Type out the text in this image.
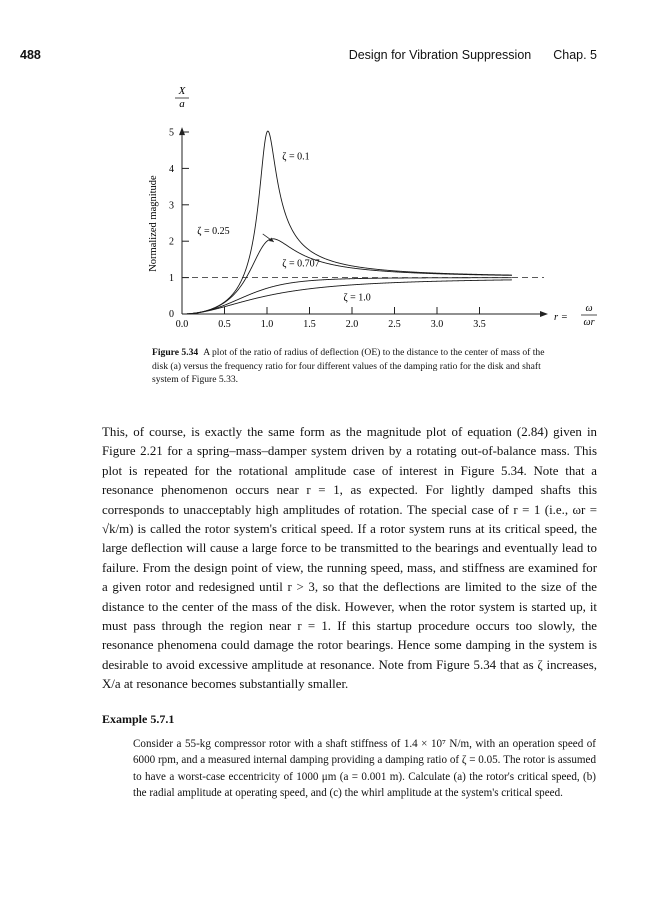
488	Design for Vibration Suppression Chap. 5
1
2
3
4
5
0
0.0	0.5	1.0	1.5	2.0	2.5	3.0	3.5
ζ = 0.1
ζ = 0.25
ζ = 0.707
ζ = 1.0
X
a
Normalized magnitude
r =
ω
ωr
Figure 5.34 A plot of the ratio of radius of deflection (OE) to the distance to the center of mass of the disk (a) versus the frequency ratio for four different values of the damping ratio for the disk and shaft system of Figure 5.33.

This, of course, is exactly the same form as the magnitude plot of equation (2.84) given in Figure 2.21 for a spring–mass–damper system driven by a rotating out-of-balance mass. This plot is repeated for the rotational amplitude case of interest in Figure 5.34. Note that a resonance phenomenon occurs near r = 1, as expected. For lightly damped shafts this corresponds to unacceptably high amplitudes of rotation. The special case of r = 1 (i.e., ωr = √k/m) is called the rotor system's critical speed. If a rotor system runs at its critical speed, the large deflection will cause a large force to be transmitted to the bearings and eventually lead to failure. From the design point of view, the running speed, mass, and stiffness are examined for a given rotor and redesigned until r > 3, so that the deflections are limited to the size of the distance to the center of the mass of the disk. However, when the rotor system is started up, it must pass through the region near r = 1. If this startup procedure occurs too slowly, the resonance phenomena could damage the rotor bearings. Hence some damping in the system is desirable to avoid excessive amplitude at resonance. Note from Figure 5.34 that as ζ increases, X/a at resonance becomes substantially smaller.

Example 5.7.1

Consider a 55-kg compressor rotor with a shaft stiffness of 1.4 × 10⁷ N/m, with an operation speed of 6000 rpm, and a measured internal damping providing a damping ratio of ζ = 0.05. The rotor is assumed to have a worst-case eccentricity of 1000 μm (a = 0.001 m). Calculate (a) the rotor's critical speed, (b) the radial amplitude at operating speed, and (c) the whirl amplitude at the system's critical speed.
